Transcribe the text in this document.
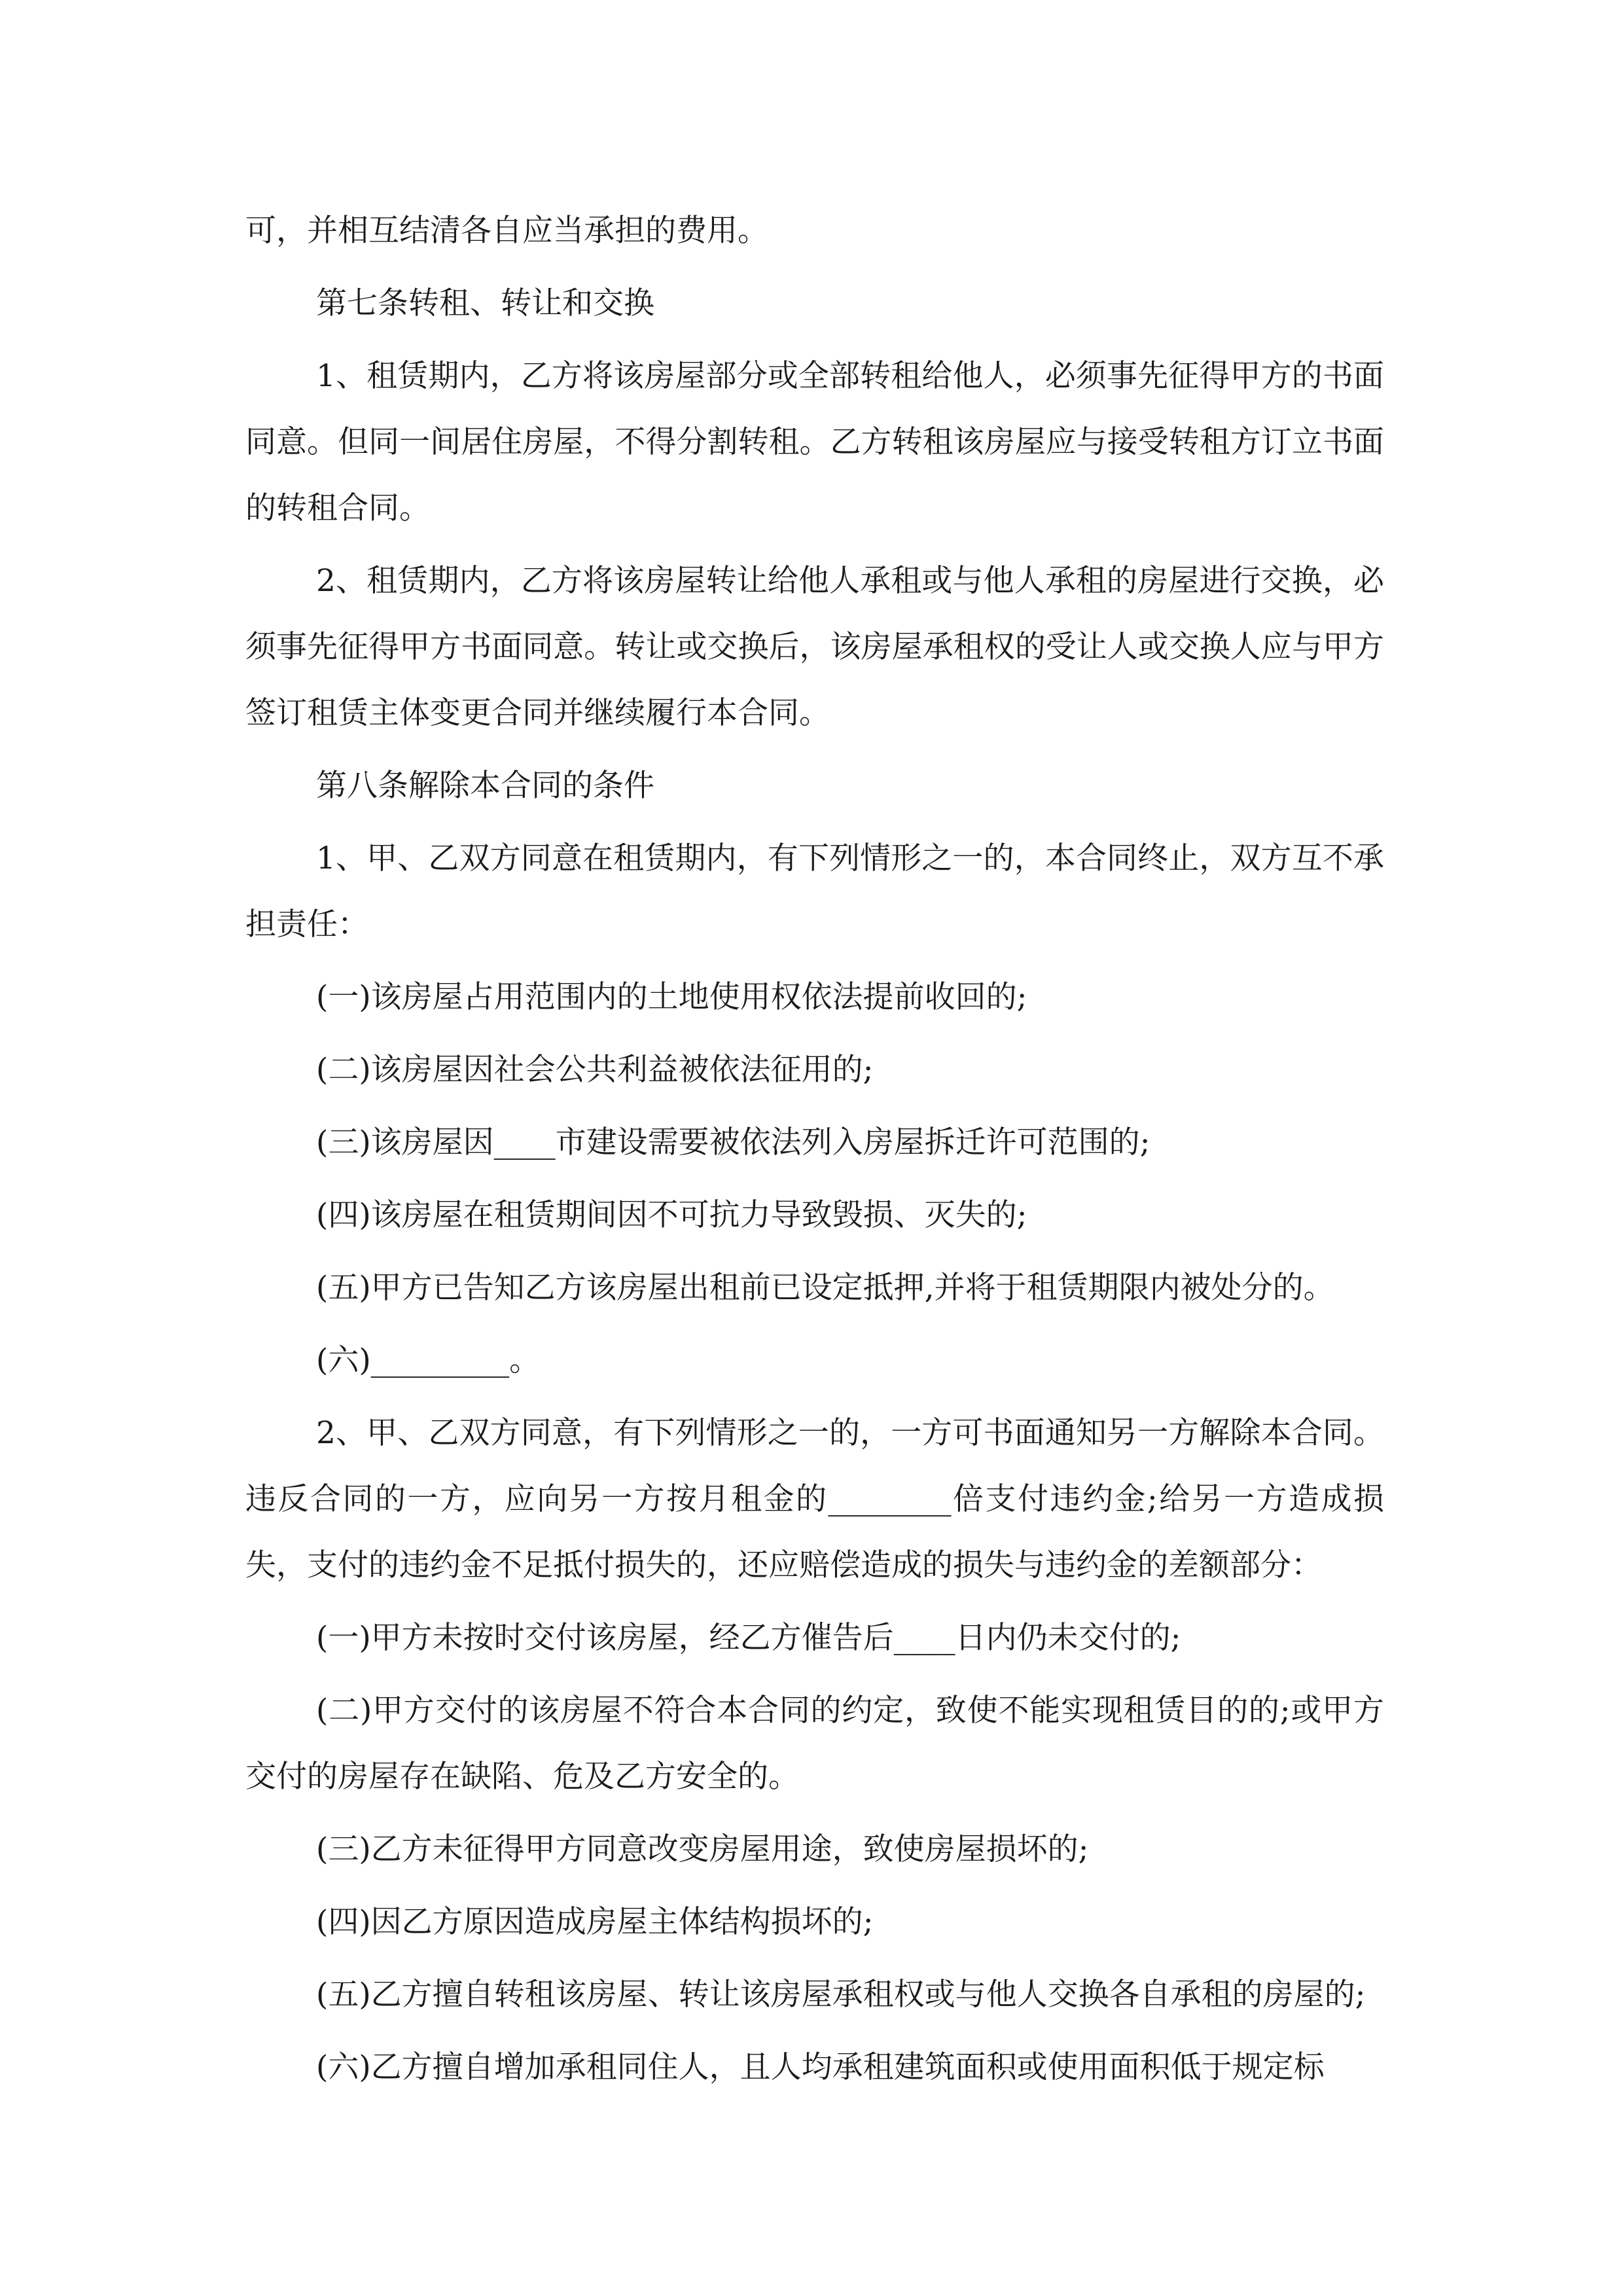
可，并相互结清各自应当承担的费用。

第七条转租、转让和交换

1、租赁期内，乙方将该房屋部分或全部转租给他人，必须事先征得甲方的书面同意。但同一间居住房屋，不得分割转租。乙方转租该房屋应与接受转租方订立书面的转租合同。

2、租赁期内，乙方将该房屋转让给他人承租或与他人承租的房屋进行交换，必须事先征得甲方书面同意。转让或交换后，该房屋承租权的受让人或交换人应与甲方签订租赁主体变更合同并继续履行本合同。

第八条解除本合同的条件

1、甲、乙双方同意在租赁期内，有下列情形之一的，本合同终止，双方互不承担责任：

(一)该房屋占用范围内的土地使用权依法提前收回的;

(二)该房屋因社会公共利益被依法征用的;

(三)该房屋因____市建设需要被依法列入房屋拆迁许可范围的;

(四)该房屋在租赁期间因不可抗力导致毁损、灭失的;

(五)甲方已告知乙方该房屋出租前已设定抵押,并将于租赁期限内被处分的。

(六)_________。

2、甲、乙双方同意，有下列情形之一的，一方可书面通知另一方解除本合同。违反合同的一方，应向另一方按月租金的________倍支付违约金;给另一方造成损失，支付的违约金不足抵付损失的，还应赔偿造成的损失与违约金的差额部分：

(一)甲方未按时交付该房屋，经乙方催告后____日内仍未交付的;

(二)甲方交付的该房屋不符合本合同的约定，致使不能实现租赁目的的;或甲方交付的房屋存在缺陷、危及乙方安全的。

(三)乙方未征得甲方同意改变房屋用途，致使房屋损坏的;

(四)因乙方原因造成房屋主体结构损坏的;

(五)乙方擅自转租该房屋、转让该房屋承租权或与他人交换各自承租的房屋的;

(六)乙方擅自增加承租同住人，且人均承租建筑面积或使用面积低于规定标
